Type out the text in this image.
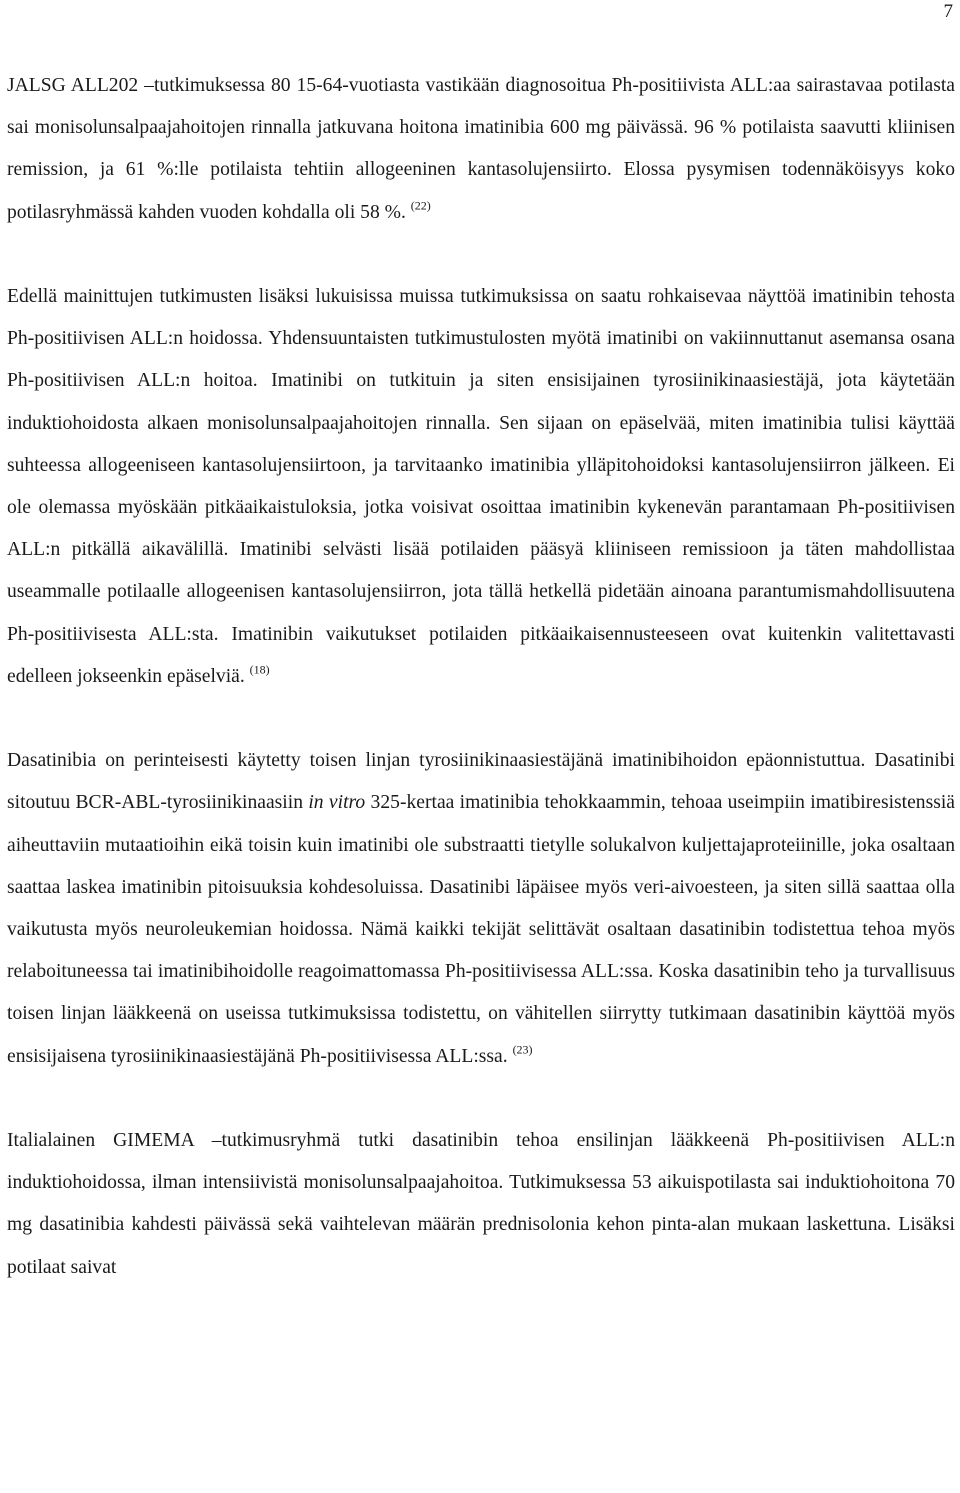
7

JALSG ALL202 –tutkimuksessa 80 15-64-vuotiasta vastikään diagnosoitua Ph-positiivista ALL:aa sairastavaa potilasta sai monisolunsalpaajahoitojen rinnalla jatkuvana hoitona imatinibia 600 mg päivässä. 96 % potilaista saavutti kliinisen remission, ja 61 %:lle potilaista tehtiin allogeeninen kantasolujensiirto. Elossa pysymisen todennäköisyys koko potilasryhmässä kahden vuoden kohdalla oli 58 %. $^{(22)}$

Edellä mainittujen tutkimusten lisäksi lukuisissa muissa tutkimuksissa on saatu rohkaisevaa näyttöä imatinibin tehosta Ph-positiivisen ALL:n hoidossa. Yhdensuuntaisten tutkimustulosten myötä imatinibi on vakiinnuttanut asemansa osana Ph-positiivisen ALL:n hoitoa. Imatinibi on tutkituin ja siten ensisijainen tyrosiinikinaasiestäjä, jota käytetään induktiohoidosta alkaen monisolunsalpaajahoitojen rinnalla. Sen sijaan on epäselvää, miten imatinibia tulisi käyttää suhteessa allogeeniseen kantasolujensiirtoon, ja tarvitaanko imatinibia ylläpitohoidoksi kantasolujensiirron jälkeen. Ei ole olemassa myöskään pitkäaikaistuloksia, jotka voisivat osoittaa imatinibin kykenevän parantamaan Ph-positiivisen ALL:n pitkällä aikavälillä. Imatinibi selvästi lisää potilaiden pääsyä kliiniseen remissioon ja täten mahdollistaa useammalle potilaalle allogeenisen kantasolujensiirron, jota tällä hetkellä pidetään ainoana parantumismahdollisuutena Ph-positiivisesta ALL:sta. Imatinibin vaikutukset potilaiden pitkäaikaisennusteeseen ovat kuitenkin valitettavasti edelleen jokseenkin epäselviä. $^{(18)}$

Dasatinibia on perinteisesti käytetty toisen linjan tyrosiinikinaasiestäjänä imatinibihoidon epäonnistuttua. Dasatinibi sitoutuu BCR-ABL-tyrosiinikinaasiin in vitro 325-kertaa imatinibia tehokkaammin, tehoaa useimpiin imatibiresistenssiä aiheuttaviin mutaatioihin eikä toisin kuin imatinibi ole substraatti tietylle solukalvon kuljettajaproteiinille, joka osaltaan saattaa laskea imatinibin pitoisuuksia kohdesoluissa. Dasatinibi läpäisee myös veri-aivoesteen, ja siten sillä saattaa olla vaikutusta myös neuroleukemian hoidossa. Nämä kaikki tekijät selittävät osaltaan dasatinibin todistettua tehoa myös relaboituneessa tai imatinibihoidolle reagoimattomassa Ph-positiivisessa ALL:ssa. Koska dasatinibin teho ja turvallisuus toisen linjan lääkkeenä on useissa tutkimuksissa todistettu, on vähitellen siirrytty tutkimaan dasatinibin käyttöä myös ensisijaisena tyrosiinikinaasiestäjänä Ph-positiivisessa ALL:ssa. $^{(23)}$

Italialainen GIMEMA –tutkimusryhmä tutki dasatinibin tehoa ensilinjan lääkkeenä Ph-positiivisen ALL:n induktiohoidossa, ilman intensiivistä monisolunsalpaajahoitoa. Tutkimuksessa 53 aikuispotilasta sai induktiohoitona 70 mg dasatinibia kahdesti päivässä sekä vaihtelevan määrän prednisolonia kehon pinta-alan mukaan laskettuna. Lisäksi potilaat saivat
